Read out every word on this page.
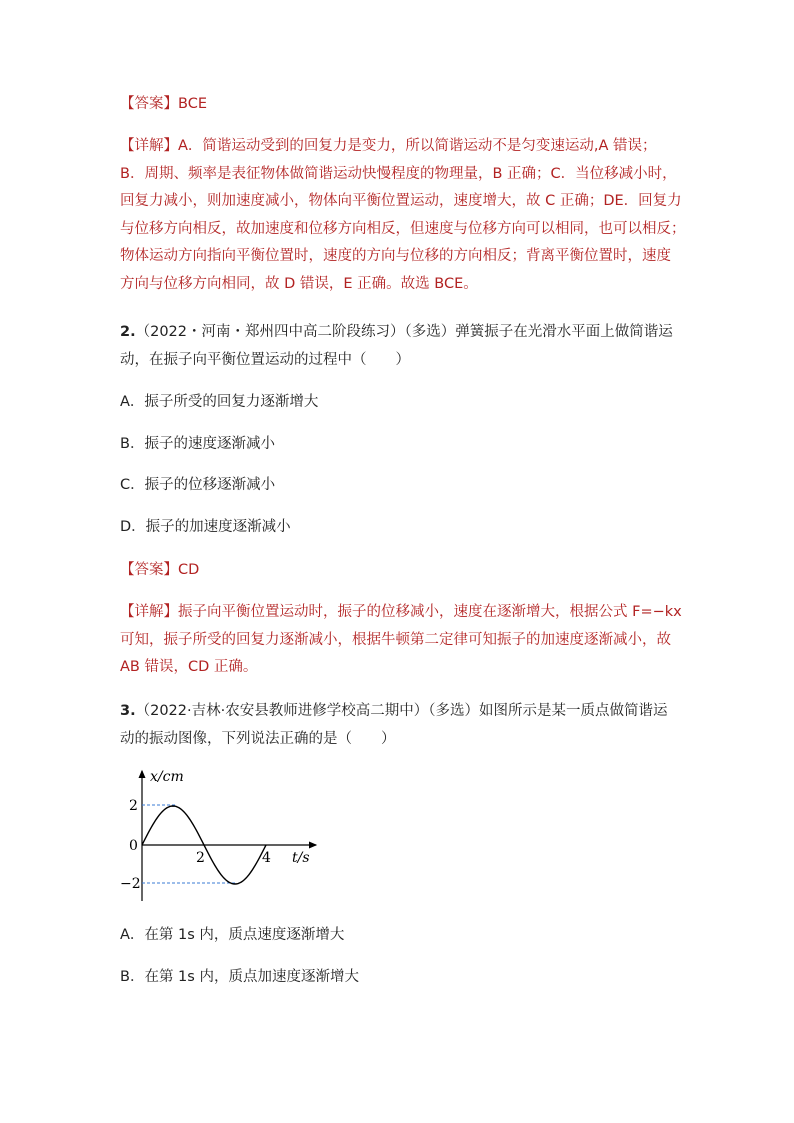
【答案】BCE
【详解】A．简谐运动受到的回复力是变力，所以简谐运动不是匀变速运动,A 错误；
B．周期、频率是表征物体做简谐运动快慢程度的物理量，B 正确；C．当位移减小时，
回复力减小，则加速度减小，物体向平衡位置运动，速度增大，故 C 正确；DE．回复力
与位移方向相反，故加速度和位移方向相反，但速度与位移方向可以相同，也可以相反；
物体运动方向指向平衡位置时，速度的方向与位移的方向相反；背离平衡位置时，速度
方向与位移方向相同，故 D 错误，E 正确。故选 BCE。
2.（2022・河南・郑州四中高二阶段练习）（多选）弹簧振子在光滑水平面上做简谐运
动，在振子向平衡位置运动的过程中（　　）
A．振子所受的回复力逐渐增大
B．振子的速度逐渐减小
C．振子的位移逐渐减小
D．振子的加速度逐渐减小
【答案】CD
【详解】振子向平衡位置运动时，振子的位移减小，速度在逐渐增大，根据公式 F=−kx
可知，振子所受的回复力逐渐减小，根据牛顿第二定律可知振子的加速度逐渐减小，故
AB 错误，CD 正确。
3.（2022·吉林·农安县教师进修学校高二期中）（多选）如图所示是某一质点做简谐运
动的振动图像，下列说法正确的是（　　）
x/cm
t/s
2
0
−2
2	4
A．在第 1s 内，质点速度逐渐增大
B．在第 1s 内，质点加速度逐渐增大
